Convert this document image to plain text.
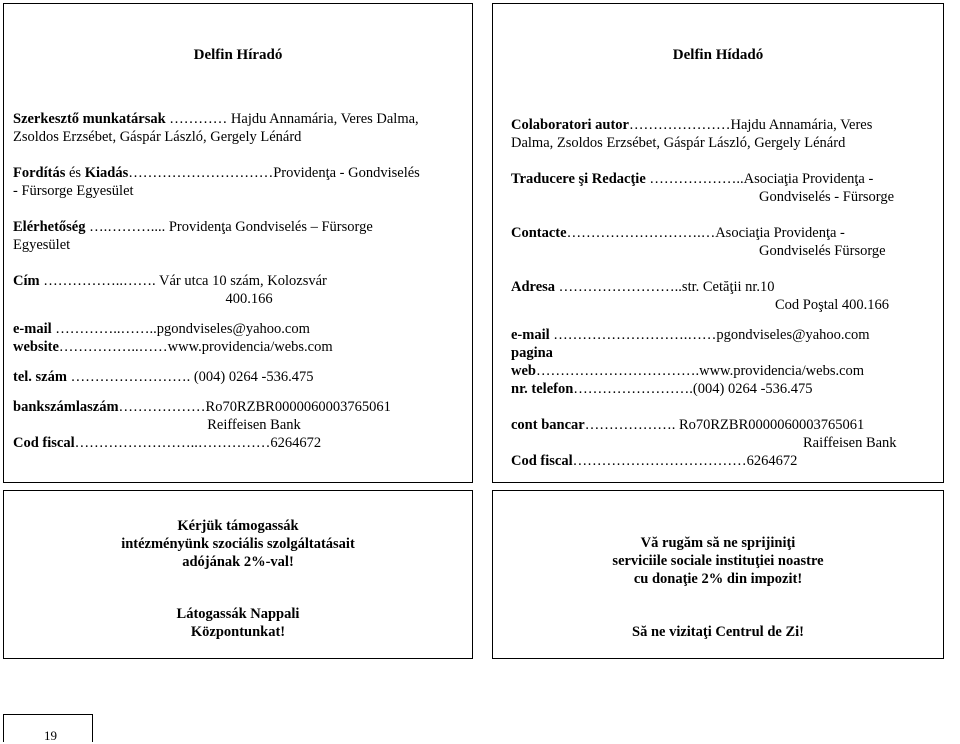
Delfin Híradó
Szerkesztő munkatársak ………… Hajdu Annamária, Veres Dalma, Zsoldos Erzsébet, Gáspár László, Gergely Lénárd
Fordítás és Kiadás…………………………Providenţa - Gondviselés - Fürsorge Egyesület
Elérhetőség ….……….... Providenţa Gondviselés – Fürsorge Egyesület
Cím ……………..……. Vár utca 10 szám, Kolozsvár
400.166
e-mail …………..……..pgondviseles@yahoo.com
website……………..……www.providencia/webs.com
tel. szám ……………………. (004) 0264 -536.475
bankszámlaszám………………Ro70RZBR0000060003765061
Reiffeisen Bank
Cod fiscal……………………..……………6264672
Delfin Hídadó
Colaboratori autor…………………Hajdu Annamária, Veres Dalma, Zsoldos Erzsébet, Gáspár László, Gergely Lénárd
Traducere şi Redacţie ………………..Asociaţia Providenţa -
Gondviselés - Fürsorge
Contacte……………………….…Asociaţia Providenţa -
Gondviselés Fürsorge
Adresa ……………………..str. Cetăţii nr.10
Cod Poştal 400.166
e-mail ……………………….……pgondviseles@yahoo.com
pagina
web…………………………….www.providencia/webs.com
nr. telefon…………………….(004) 0264 -536.475
cont bancar………………. Ro70RZBR0000060003765061
Raiffeisen Bank
Cod fiscal………………………………6264672
Kérjük támogassák
intézményünk szociális szolgáltatásait
adójának 2%-val!
Látogassák Nappali
Központunkat!
Vă rugăm să ne sprijiniţi
serviciile sociale instituţiei noastre
cu donaţie 2% din impozit!
Să ne vizitaţi Centrul de Zi!
19
